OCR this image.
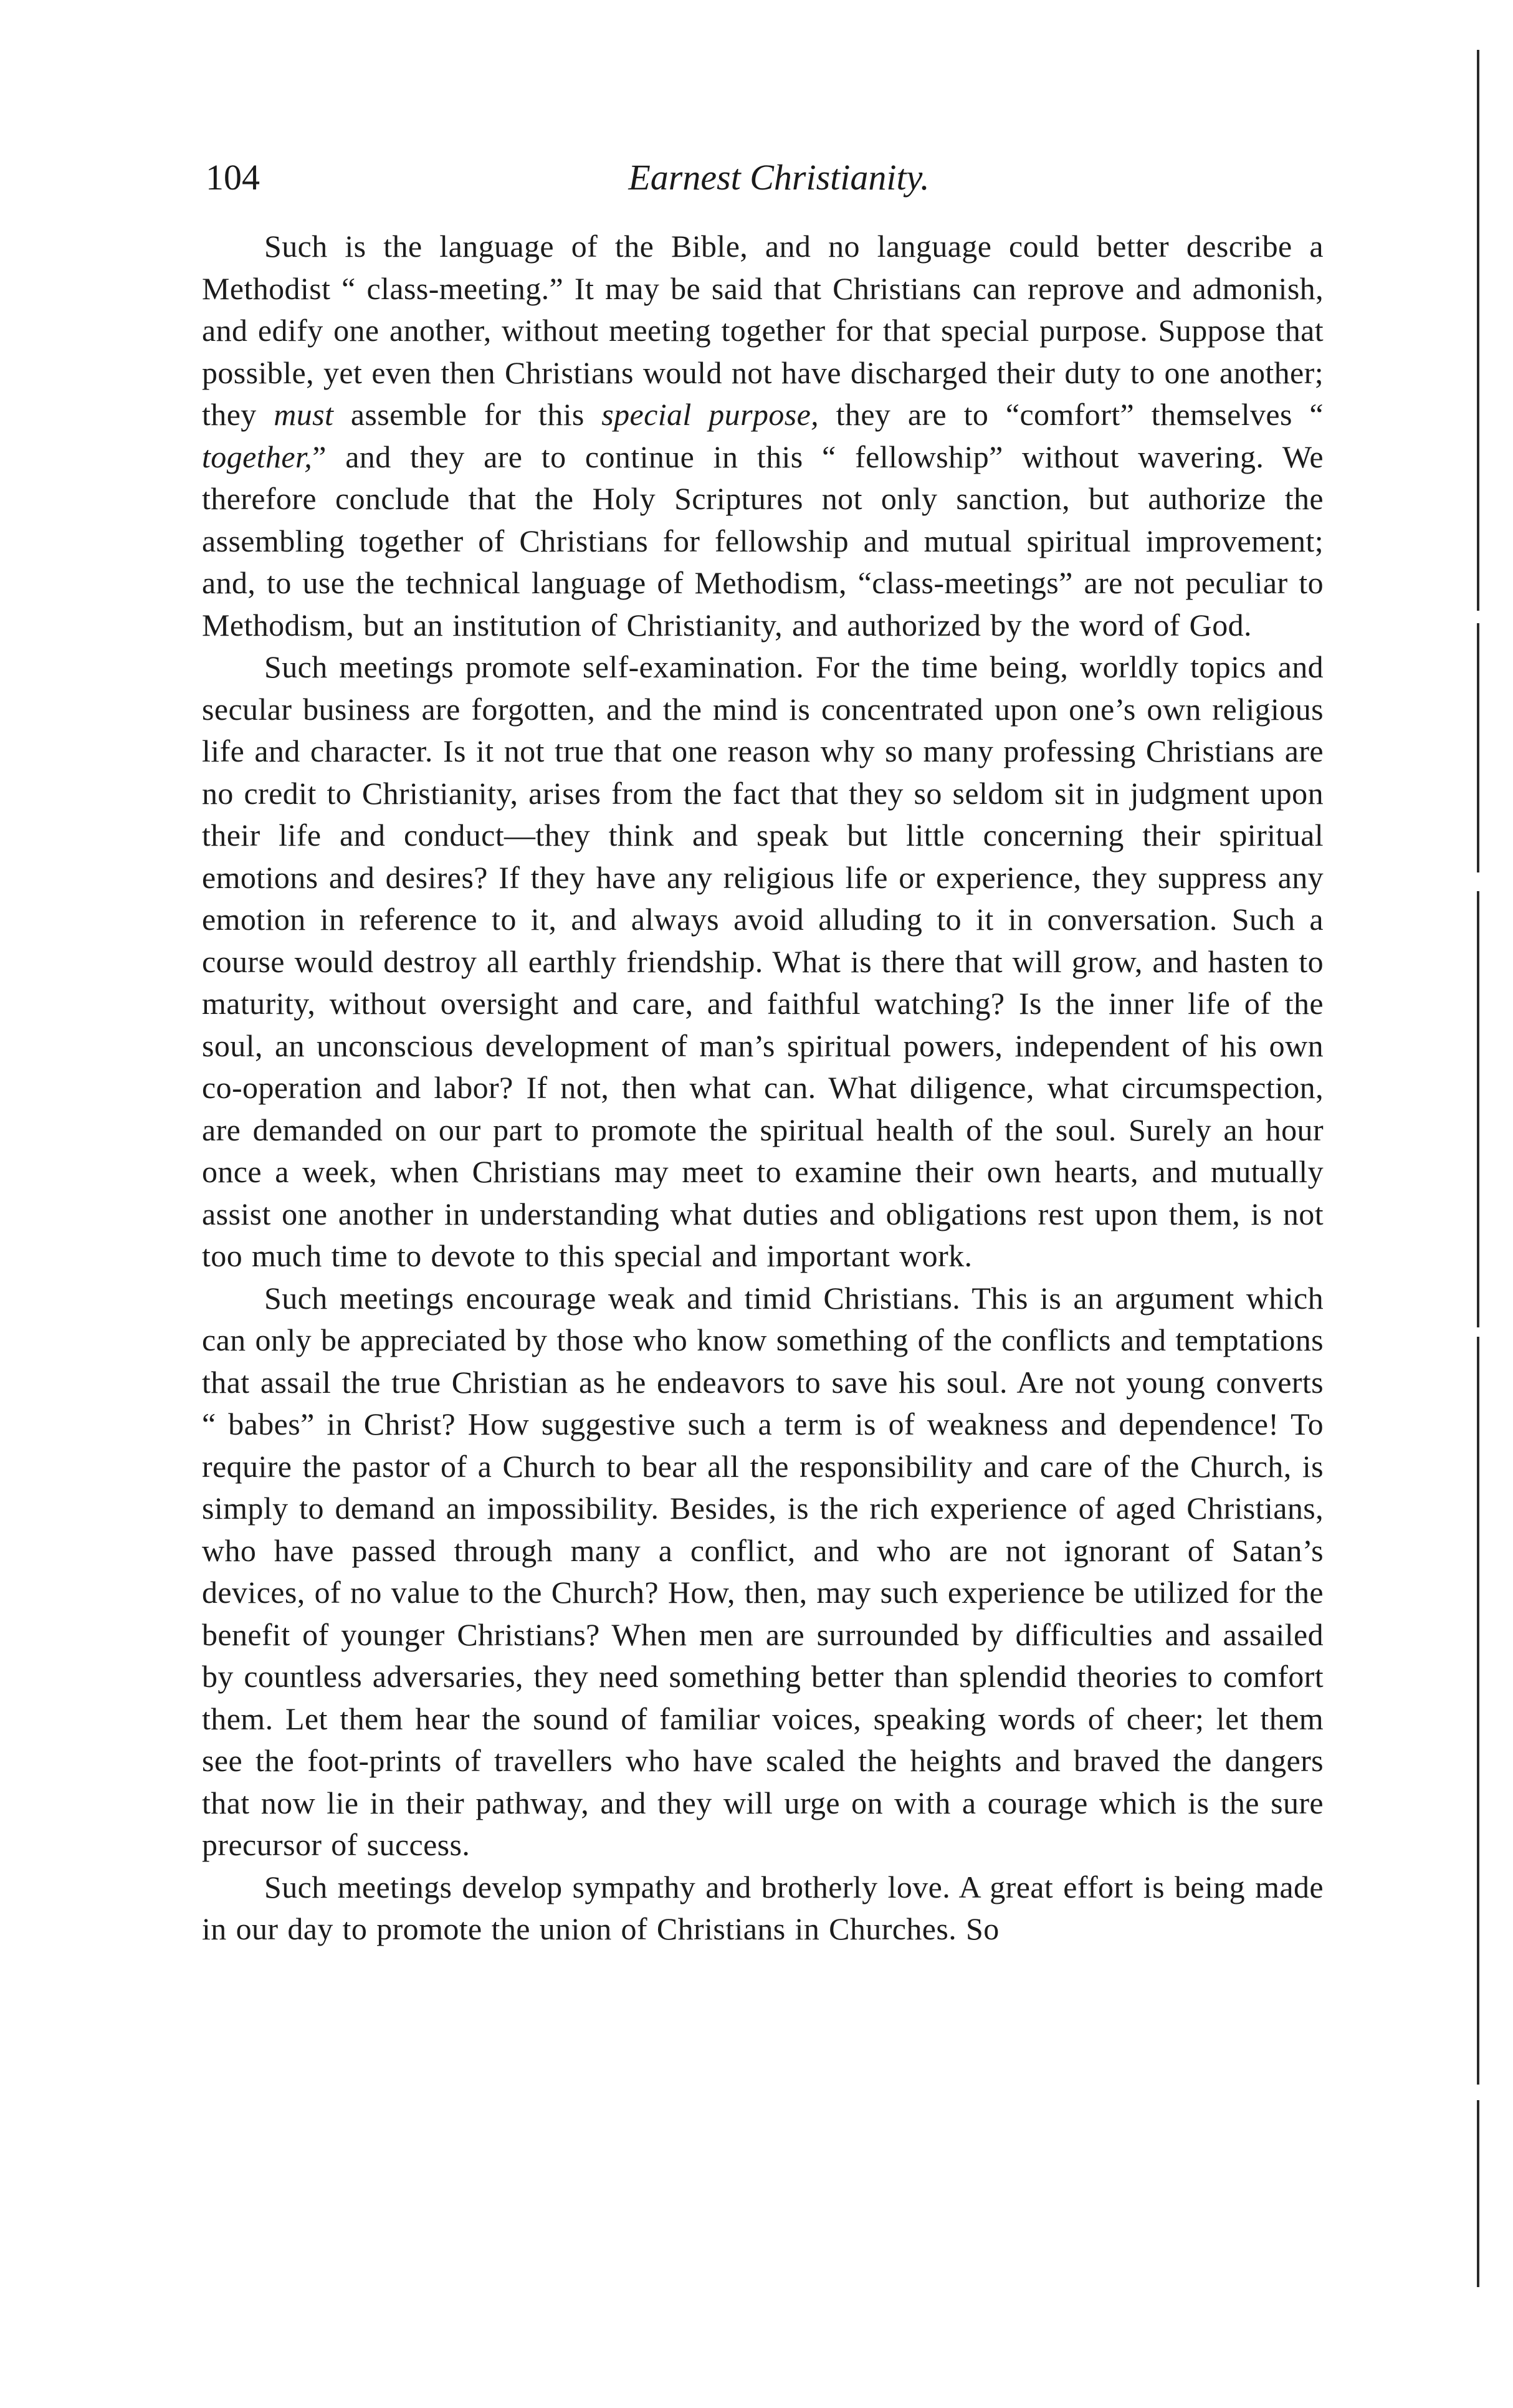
104	Earnest Christianity.

Such is the language of the Bible, and no language could better describe a Methodist “ class-meeting.” It may be said that Christians can reprove and admonish, and edify one another, without meeting together for that special purpose. Suppose that possible, yet even then Christians would not have discharged their duty to one another; they must assemble for this special purpose, they are to “comfort” themselves “ together,” and they are to continue in this “ fellowship” without wavering. We therefore conclude that the Holy Scriptures not only sanction, but authorize the assembling together of Christians for fellowship and mutual spiritual improvement; and, to use the technical language of Methodism, “class-meetings” are not peculiar to Methodism, but an institution of Christianity, and authorized by the word of God.

Such meetings promote self-examination. For the time being, worldly topics and secular business are forgotten, and the mind is concentrated upon one’s own religious life and character. Is it not true that one reason why so many professing Christians are no credit to Christianity, arises from the fact that they so seldom sit in judgment upon their life and conduct—they think and speak but little concerning their spiritual emotions and desires? If they have any religious life or experience, they suppress any emotion in reference to it, and always avoid alluding to it in conversation. Such a course would destroy all earthly friendship. What is there that will grow, and hasten to maturity, without oversight and care, and faithful watching? Is the inner life of the soul, an unconscious development of man’s spiritual powers, independent of his own co-operation and labor? If not, then what can. What diligence, what circumspection, are demanded on our part to promote the spiritual health of the soul. Surely an hour once a week, when Christians may meet to examine their own hearts, and mutually assist one another in understanding what duties and obligations rest upon them, is not too much time to devote to this special and important work.

Such meetings encourage weak and timid Christians. This is an argument which can only be appreciated by those who know something of the conflicts and temptations that assail the true Christian as he endeavors to save his soul. Are not young converts “ babes” in Christ? How suggestive such a term is of weakness and dependence! To require the pastor of a Church to bear all the responsibility and care of the Church, is simply to demand an impossibility. Besides, is the rich experience of aged Christians, who have passed through many a conflict, and who are not ignorant of Satan’s devices, of no value to the Church? How, then, may such experience be utilized for the benefit of younger Christians? When men are surrounded by difficulties and assailed by countless adversaries, they need something better than splendid theories to comfort them. Let them hear the sound of familiar voices, speaking words of cheer; let them see the foot-prints of travellers who have scaled the heights and braved the dangers that now lie in their pathway, and they will urge on with a courage which is the sure precursor of success.

Such meetings develop sympathy and brotherly love. A great effort is being made in our day to promote the union of Christians in Churches. So
